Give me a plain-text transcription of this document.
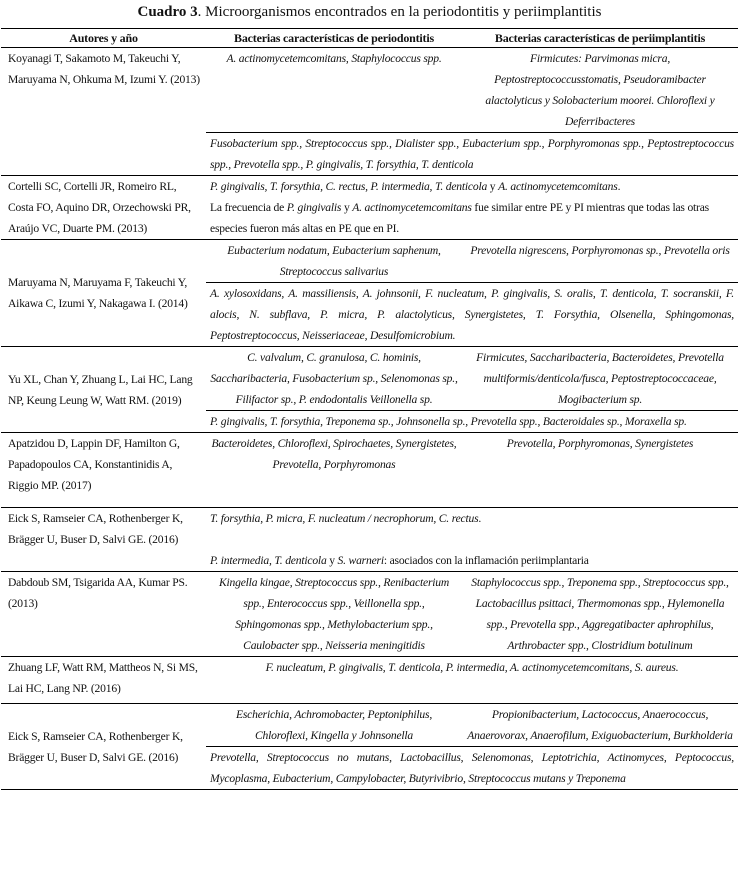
Cuadro 3. Microorganismos encontrados en la periodontitis y periimplantitis
Autores y año	Bacterias características de periodontitis	Bacterias características de periimplantitis
Koyanagi T, Sakamoto M, Takeuchi Y, Maruyama N, Ohkuma M, Izumi Y. (2013)	A. actinomycetemcomitans, Staphylococcus spp.	Firmicutes: Parvimonas micra, Peptostreptococcusstomatis, Pseudoramibacter alactolyticus y Solobacterium moorei. Chloroflexi y Deferribacteres
	Fusobacterium spp., Streptococcus spp., Dialister spp., Eubacterium spp., Porphyromonas spp., Peptostreptococcus spp., Prevotella spp., P. gingivalis, T. forsythia, T. denticola	
Cortelli SC, Cortelli JR, Romeiro RL, Costa FO, Aquino DR, Orzechowski PR, Araújo VC, Duarte PM. (2013)	P. gingivalis, T. forsythia, C. rectus, P. intermedia, T. denticola y A. actinomycetemcomitans.
La frecuencia de P. gingivalis y A. actinomycetemcomitans fue similar entre PE y PI mientras que todas las otras especies fueron más altas en PE que en PI.	

Maruyama N, Maruyama F, Takeuchi Y, Aikawa C, Izumi Y, Nakagawa I. (2014)	Eubacterium nodatum, Eubacterium saphenum, Streptococcus salivarius	Prevotella nigrescens, Porphyromonas sp., Prevotella oris
	A. xylosoxidans, A. massiliensis, A. johnsonii, F. nucleatum, P. gingivalis, S. oralis, T. denticola, T. socranskii, F. alocis, N. subflava, P. micra, P. alactolyticus, Synergistetes, T. Forsythia, Olsenella, Sphingomonas, Peptostreptococcus, Neisseriaceae, Desulfomicrobium.	
Yu XL, Chan Y, Zhuang L, Lai HC, Lang NP, Keung Leung W, Watt RM. (2019)	C. valvalum, C. granulosa, C. hominis, Saccharibacteria, Fusobacterium sp., Selenomonas sp., Filifactor sp., P. endodontalis Veillonella sp.	Firmicutes, Saccharibacteria, Bacteroidetes, Prevotella multiformis/denticola/fusca, Peptostreptococcaceae, Mogibacterium sp.
	P. gingivalis, T. forsythia, Treponema sp., Johnsonella sp., Prevotella spp., Bacteroidales sp., Moraxella sp.	
Apatzidou D, Lappin DF, Hamilton G, Papadopoulos CA, Konstantinidis A, Riggio MP. (2017)	Bacteroidetes, Chloroflexi, Spirochaetes, Synergistetes, Prevotella, Porphyromonas	Prevotella, Porphyromonas, Synergistetes
Eick S, Ramseier CA, Rothenberger K, Brägger U, Buser D, Salvi GE. (2016)	T. forsythia, P. micra, F. nucleatum / necrophorum, C. rectus.
P. intermedia, T. denticola y S. warneri: asociados con la inflamación periimplantaria	

Dabdoub SM, Tsigarida AA, Kumar PS. (2013)	Kingella kingae, Streptococcus spp., Renibacterium spp., Enterococcus spp., Veillonella spp., Sphingomonas spp., Methylobacterium spp., Caulobacter spp., Neisseria meningitidis	Staphylococcus spp., Treponema spp., Streptococcus spp., Lactobacillus psittaci, Thermomonas spp., Hylemonella spp., Prevotella spp., Aggregatibacter aphrophilus, Arthrobacter spp., Clostridium botulinum
Zhuang LF, Watt RM, Mattheos N, Si MS, Lai HC, Lang NP. (2016)	F. nucleatum, P. gingivalis, T. denticola, P. intermedia, A. actinomycetemcomitans, S. aureus.	
Eick S, Ramseier CA, Rothenberger K, Brägger U, Buser D, Salvi GE. (2016)	Escherichia, Achromobacter, Peptoniphilus, Chloroflexi, Kingella y Johnsonella	Propionibacterium, Lactococcus, Anaerococcus, Anaerovorax, Anaerofilum, Exiguobacterium, Burkholderia
	Prevotella, Streptococcus no mutans, Lactobacillus, Selenomonas, Leptotrichia, Actinomyces, Peptococcus, Mycoplasma, Eubacterium, Campylobacter, Butyrivibrio, Streptococcus mutans y Treponema	
